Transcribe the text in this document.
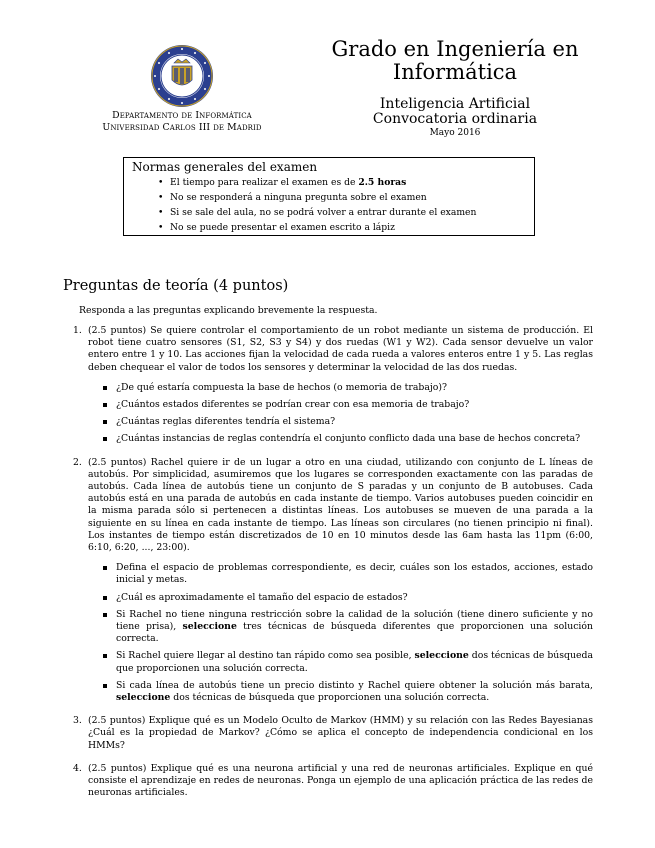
Departamento de Informática
Universidad Carlos III de Madrid
Grado en Ingeniería en
Informática
Inteligencia Artificial
Convocatoria ordinaria
Mayo 2016
Normas generales del examen
• El tiempo para realizar el examen es de 2.5 horas
• No se responderá a ninguna pregunta sobre el examen
• Si se sale del aula, no se podrá volver a entrar durante el examen
• No se puede presentar el examen escrito a lápiz
Preguntas de teoría (4 puntos)
Responda a las preguntas explicando brevemente la respuesta.
1. (2.5 puntos) Se quiere controlar el comportamiento de un robot mediante un sistema de producción. El robot tiene cuatro sensores (S1, S2, S3 y S4) y dos ruedas (W1 y W2). Cada sensor devuelve un valor entero entre 1 y 10. Las acciones fijan la velocidad de cada rueda a valores enteros entre 1 y 5. Las reglas deben chequear el valor de todos los sensores y determinar la velocidad de las dos ruedas.
¿De qué estaría compuesta la base de hechos (o memoria de trabajo)?
¿Cuántos estados diferentes se podrían crear con esa memoria de trabajo?
¿Cuántas reglas diferentes tendría el sistema?
¿Cuántas instancias de reglas contendría el conjunto conflicto dada una base de hechos concreta?
2. (2.5 puntos) Rachel quiere ir de un lugar a otro en una ciudad, utilizando con conjunto de L líneas de autobús. Por simplicidad, asumiremos que los lugares se corresponden exactamente con las paradas de autobús. Cada línea de autobús tiene un conjunto de S paradas y un conjunto de B autobuses. Cada autobús está en una parada de autobús en cada instante de tiempo. Varios autobuses pueden coincidir en la misma parada sólo si pertenecen a distintas líneas. Los autobuses se mueven de una parada a la siguiente en su línea en cada instante de tiempo. Las líneas son circulares (no tienen principio ni final). Los instantes de tiempo están discretizados de 10 en 10 minutos desde las 6am hasta las 11pm (6:00, 6:10, 6:20, ..., 23:00).
Defina el espacio de problemas correspondiente, es decir, cuáles son los estados, acciones, estado inicial y metas.
¿Cuál es aproximadamente el tamaño del espacio de estados?
Si Rachel no tiene ninguna restricción sobre la calidad de la solución (tiene dinero suficiente y no tiene prisa), seleccione tres técnicas de búsqueda diferentes que proporcionen una solución correcta.
Si Rachel quiere llegar al destino tan rápido como sea posible, seleccione dos técnicas de búsqueda que proporcionen una solución correcta.
Si cada línea de autobús tiene un precio distinto y Rachel quiere obtener la solución más barata, seleccione dos técnicas de búsqueda que proporcionen una solución correcta.
3. (2.5 puntos) Explique qué es un Modelo Oculto de Markov (HMM) y su relación con las Redes Bayesianas ¿Cuál es la propiedad de Markov? ¿Cómo se aplica el concepto de independencia condicional en los HMMs?
4. (2.5 puntos) Explique qué es una neurona artificial y una red de neuronas artificiales. Explique en qué consiste el aprendizaje en redes de neuronas. Ponga un ejemplo de una aplicación práctica de las redes de neuronas artificiales.
